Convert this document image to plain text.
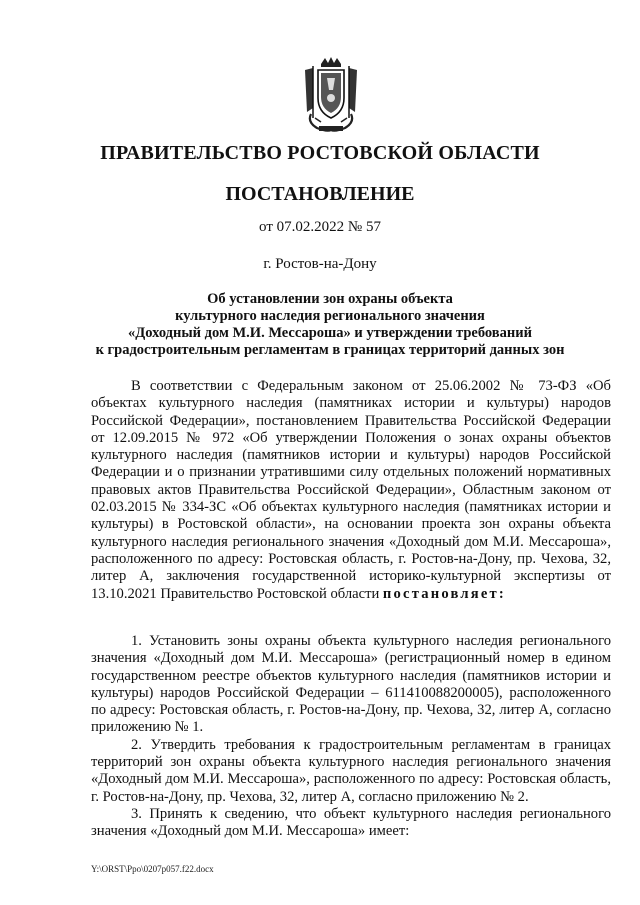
ПРАВИТЕЛЬСТВО РОСТОВСКОЙ ОБЛАСТИ
ПОСТАНОВЛЕНИЕ
от 07.02.2022 № 57
г. Ростов-на-Дону
Об установлении зон охраны объекта
культурного наследия регионального значения
«Доходный дом М.И. Мессароша» и утверждении требований
к градостроительным регламентам в границах территорий данных зон
В соответствии с Федеральным законом от 25.06.2002 № 73-ФЗ «Об объектах культурного наследия (памятниках истории и культуры) народов Российской Федерации», постановлением Правительства Российской Федерации от 12.09.2015 № 972 «Об утверждении Положения о зонах охраны объектов культурного наследия (памятников истории и культуры) народов Российской Федерации и о признании утратившими силу отдельных положений нормативных правовых актов Правительства Российской Федерации», Областным законом от 02.03.2015 № 334-ЗС «Об объектах культурного наследия (памятниках истории и культуры) в Ростовской области», на основании проекта зон охраны объекта культурного наследия регионального значения «Доходный дом М.И. Мессароша», расположенного по адресу: Ростовская область, г. Ростов-на-Дону, пр. Чехова, 32, литер А, заключения государственной историко-культурной экспертизы от 13.10.2021 Правительство Ростовской области постановляет:

1. Установить зоны охраны объекта культурного наследия регионального значения «Доходный дом М.И. Мессароша» (регистрационный номер в едином государственном реестре объектов культурного наследия (памятников истории и культуры) народов Российской Федерации – 611410088200005), расположенного по адресу: Ростовская область, г. Ростов-на-Дону, пр. Чехова, 32, литер А, согласно приложению № 1.

2. Утвердить требования к градостроительным регламентам в границах территорий зон охраны объекта культурного наследия регионального значения «Доходный дом М.И. Мессароша», расположенного по адресу: Ростовская область, г. Ростов-на-Дону, пр. Чехова, 32, литер А, согласно приложению № 2.

3. Принять к сведению, что объект культурного наследия регионального значения «Доходный дом М.И. Мессароша» имеет:

Y:\ORST\Ppo\0207p057.f22.docx
